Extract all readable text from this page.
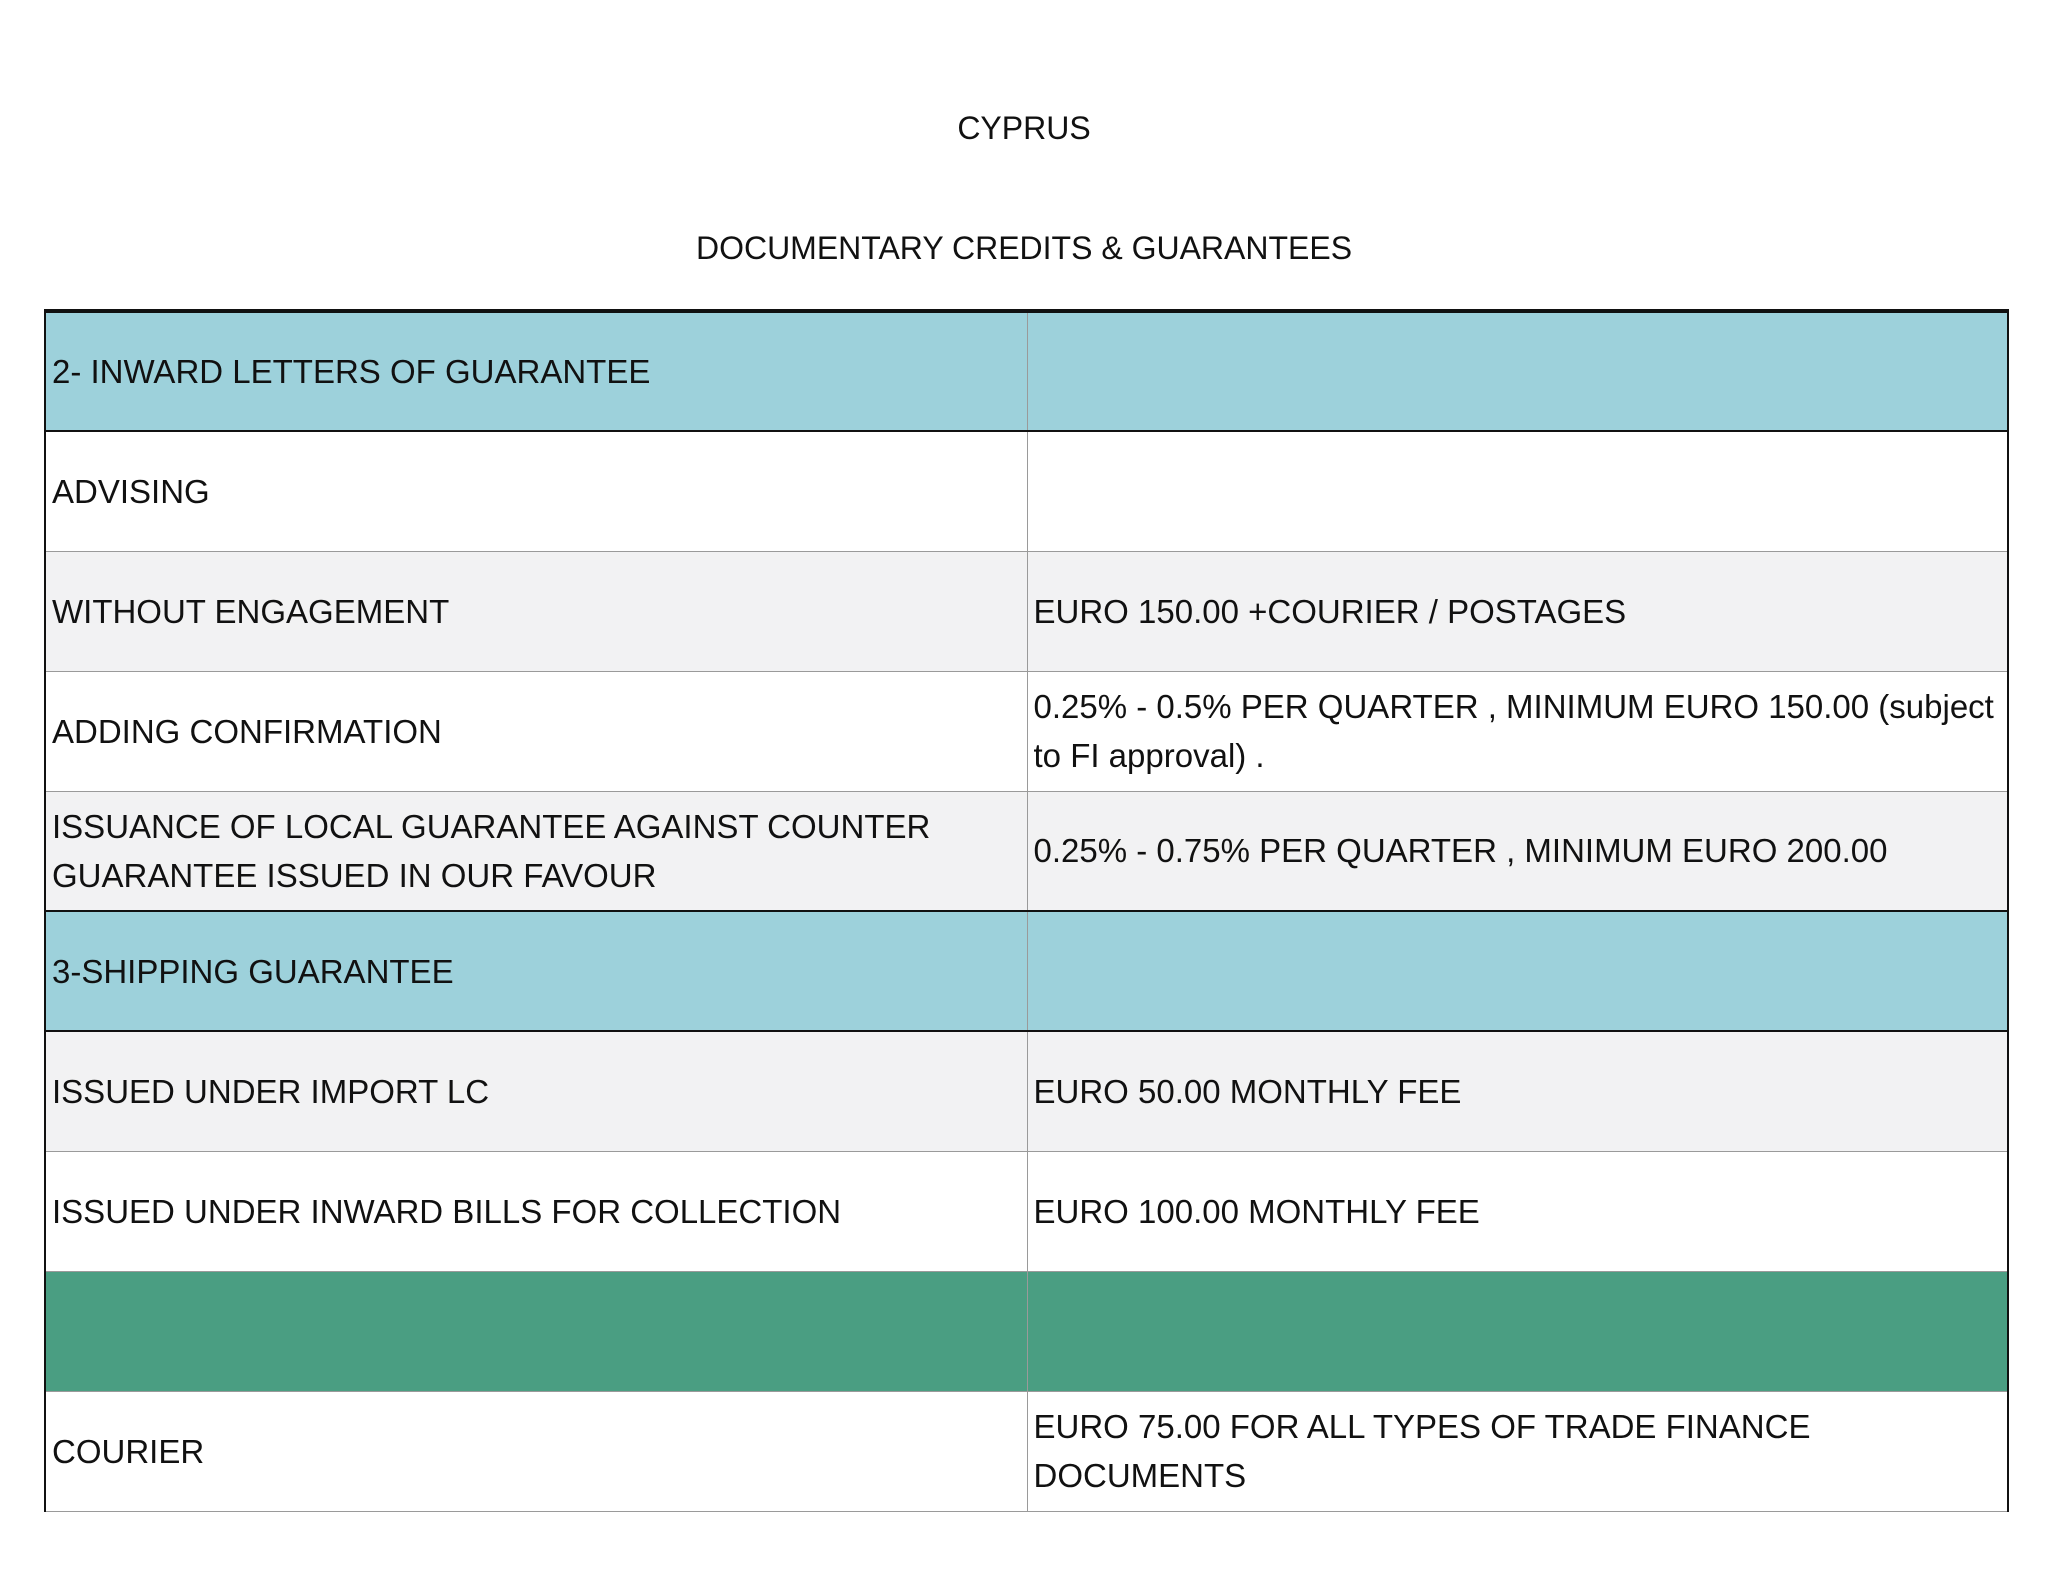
CYPRUS
DOCUMENTARY CREDITS & GUARANTEES
2- INWARD LETTERS OF GUARANTEE	
ADVISING	
WITHOUT ENGAGEMENT	EURO 150.00 +COURIER / POSTAGES
ADDING CONFIRMATION	0.25% - 0.5% PER QUARTER , MINIMUM EURO 150.00 (subject to FI approval) .
ISSUANCE OF LOCAL GUARANTEE AGAINST COUNTER GUARANTEE ISSUED IN OUR FAVOUR	0.25% - 0.75% PER QUARTER , MINIMUM EURO 200.00
3-SHIPPING GUARANTEE	
ISSUED UNDER IMPORT LC	EURO 50.00 MONTHLY FEE
ISSUED UNDER INWARD BILLS FOR COLLECTION	EURO 100.00 MONTHLY FEE

COURIER	EURO 75.00 FOR ALL TYPES OF TRADE FINANCE DOCUMENTS
